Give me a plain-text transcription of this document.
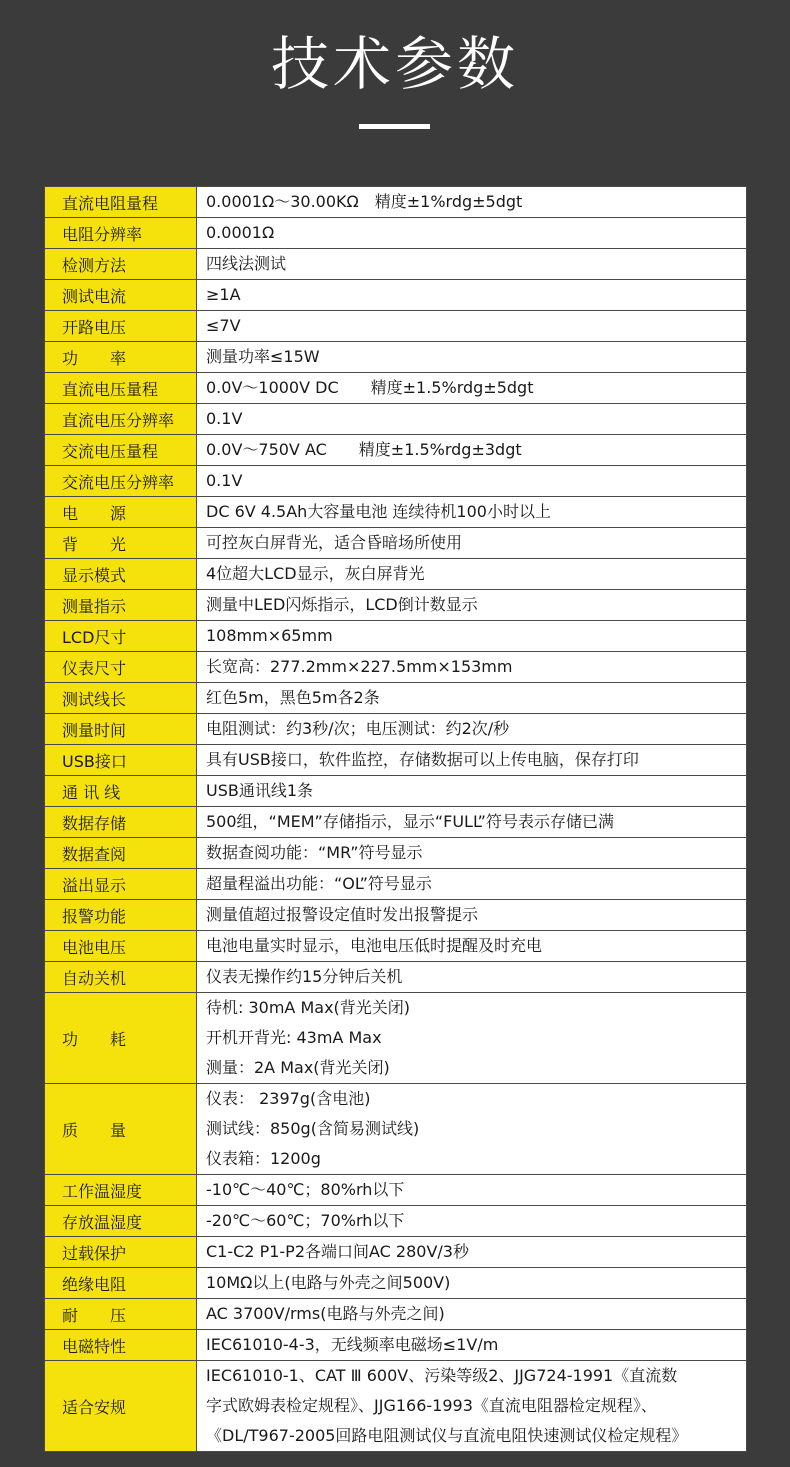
技术参数
直流电阻量程	0.0001Ω～30.00KΩ　精度±1%rdg±5dgt

电阻分辨率	0.0001Ω

检测方法	四线法测试

测试电流	≥1A

开路电压	≤7V

功　　率	测量功率≤15W

直流电压量程	0.0V～1000V DC　　精度±1.5%rdg±5dgt

直流电压分辨率	0.1V

交流电压量程	0.0V～750V AC　　精度±1.5%rdg±3dgt

交流电压分辨率	0.1V

电　　源	DC 6V 4.5Ah大容量电池 连续待机100小时以上

背　　光	可控灰白屏背光，适合昏暗场所使用

显示模式	4位超大LCD显示，灰白屏背光

测量指示	测量中LED闪烁指示，LCD倒计数显示

LCD尺寸	108mm×65mm

仪表尺寸	长宽高：277.2mm×227.5mm×153mm

测试线长	红色5m，黑色5m各2条

测量时间	电阻测试：约3秒/次；电压测试：约2次/秒

USB接口	具有USB接口，软件监控，存储数据可以上传电脑，保存打印

通 讯 线	USB通讯线1条

数据存储	500组，“MEM”存储指示，显示“FULL”符号表示存储已满

数据查阅	数据查阅功能：“MR”符号显示

溢出显示	超量程溢出功能：“OL”符号显示

报警功能	测量值超过报警设定值时发出报警提示

电池电压	电池电量实时显示，电池电压低时提醒及时充电

自动关机	仪表无操作约15分钟后关机

功　　耗	待机: 30mA Max(背光关闭)
开机开背光: 43mA Max
测量：2A Max(背光关闭)

质　　量	仪表： 2397g(含电池)
测试线：850g(含简易测试线)
仪表箱：1200g

工作温湿度	-10℃～40℃；80%rh以下

存放温湿度	-20℃～60℃；70%rh以下

过载保护	C1-C2 P1-P2各端口间AC 280V/3秒

绝缘电阻	10MΩ以上(电路与外壳之间500V)

耐　　压	AC 3700V/rms(电路与外壳之间)

电磁特性	IEC61010-4-3，无线频率电磁场≤1V/m

适合安规	IEC61010-1、CAT Ⅲ 600V、污染等级2、JJG724-1991《直流数
字式欧姆表检定规程》、JJG166-1993《直流电阻器检定规程》、
《DL/T967-2005回路电阻测试仪与直流电阻快速测试仪检定规程》
